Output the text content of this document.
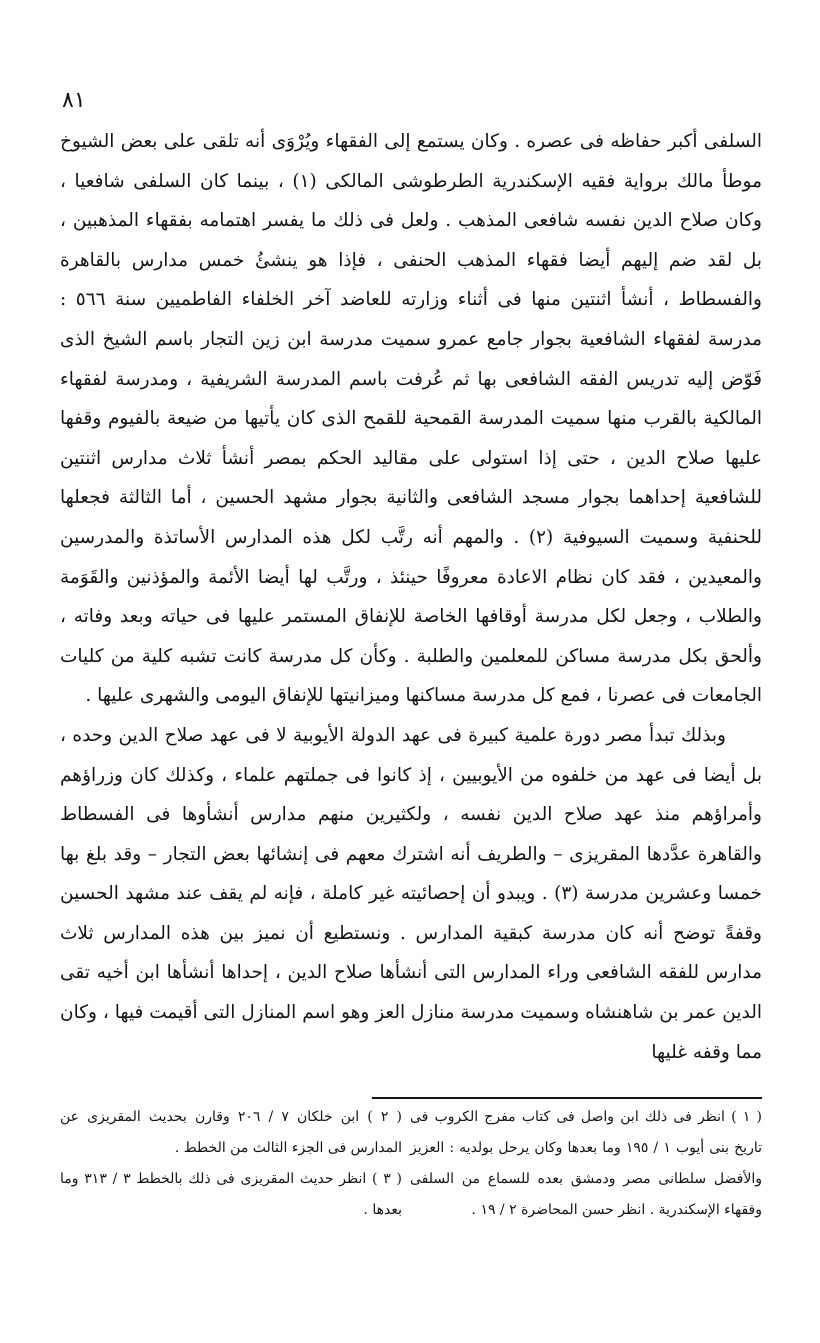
٨١

السلفى أكبر حفاظه فى عصره . وكان يستمع إلى الفقهاء ويُرْوَى أنه تلقى على بعض الشيوخ موطأ مالك برواية فقيه الإسكندرية الطرطوشى المالكى (١) ، بينما كان السلفى شافعيا ، وكان صلاح الدين نفسه شافعى المذهب . ولعل فى ذلك ما يفسر اهتمامه بفقهاء المذهبين ، بل لقد ضم إليهم أيضا فقهاء المذهب الحنفى ، فإذا هو ينشئُ خمس مدارس بالقاهرة والفسطاط ، أنشأ اثنتين منها فى أثناء وزارته للعاضد آخر الخلفاء الفاطميين سنة ٥٦٦ : مدرسة لفقهاء الشافعية بجوار جامع عمرو سميت مدرسة ابن زين التجار باسم الشيخ الذى فَوّض إليه تدريس الفقه الشافعى بها ثم عُرفت باسم المدرسة الشريفية ، ومدرسة لفقهاء المالكية بالقرب منها سميت المدرسة القمحية للقمح الذى كان يأتيها من ضيعة بالفيوم وقفها عليها صلاح الدين ، حتى إذا استولى على مقاليد الحكم بمصر أنشأ ثلاث مدارس اثنتين للشافعية إحداهما بجوار مسجد الشافعى والثانية بجوار مشهد الحسين ، أما الثالثة فجعلها للحنفية وسميت السيوفية (٢) . والمهم أنه رتَّب لكل هذه المدارس الأساتذة والمدرسين والمعيدين ، فقد كان نظام الاعادة معروفًا حينئذ ، ورتَّب لها أيضا الأئمة والمؤذنين والقَوَمة والطلاب ، وجعل لكل مدرسة أوقافها الخاصة للإنفاق المستمر عليها فى حياته وبعد وفاته ، وألحق بكل مدرسة مساكن للمعلمين والطلبة . وكأن كل مدرسة كانت تشبه كلية من كليات الجامعات فى عصرنا ، فمع كل مدرسة مساكنها وميزانيتها للإنفاق اليومى والشهرى عليها .

وبذلك تبدأ مصر دورة علمية كبيرة فى عهد الدولة الأيوبية لا فى عهد صلاح الدين وحده ، بل أيضا فى عهد من خلفوه من الأيوبيين ، إذ كانوا فى جملتهم علماء ، وكذلك كان وزراؤهم وأمراؤهم منذ عهد صلاح الدين نفسه ، ولكثيرين منهم مدارس أنشأوها فى الفسطاط والقاهرة عدَّدها المقريزى – والطريف أنه اشترك معهم فى إنشائها بعض التجار – وقد بلغ بها خمسا وعشرين مدرسة (٣) . ويبدو أن إحصائيته غير كاملة ، فإنه لم يقف عند مشهد الحسين وقفةً توضح أنه كان مدرسة كبقية المدارس . ونستطيع أن نميز بين هذه المدارس ثلاث مدارس للفقه الشافعى وراء المدارس التى أنشأها صلاح الدين ، إحداها أنشأها ابن أخيه تقى الدين عمر بن شاهنشاه وسميت مدرسة منازل العز وهو اسم المنازل التى أقيمت فيها ، وكان مما وقفه غليها

( ١ ) انظر فى ذلك ابن واصل فى كتاب مفرج الكروب فى تاريخ بنى أيوب ١ / ١٩٥ وما بعدها وكان يرحل بولديه : العزيز والأفضل سلطانى مصر ودمشق بعده للسماع من السلفى وفقهاء الإسكندرية . انظر حسن المحاضرة ٢ / ١٩ .

( ٢ ) ابن خلكان ٧ / ٢٠٦ وقارن بحديث المقريزى عن المدارس فى الجزء الثالث من الخطط .

( ٣ ) انظر حديث المقريزى فى ذلك بالخطط ٣ / ٣١٣ وما بعدها .
